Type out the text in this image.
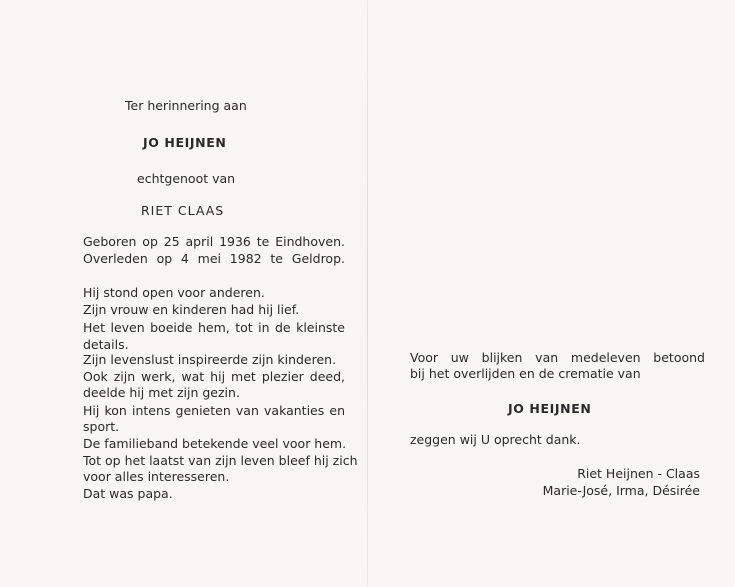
Ter herinnering aan
JO HEIJNEN
echtgenoot van
RIET CLAAS
Geboren op 25 april 1936 te Eindhoven.
Overleden op 4 mei 1982 te Geldrop.
Hij stond open voor anderen.
Zijn vrouw en kinderen had hij lief.
Het leven boeide hem, tot in de kleinste
details.
Zijn levenslust inspireerde zijn kinderen.
Ook zijn werk, wat hij met plezier deed,
deelde hij met zijn gezin.
Hij kon intens genieten van vakanties en
sport.
De familieband betekende veel voor hem.
Tot op het laatst van zijn leven bleef hij zich
voor alles interesseren.
Dat was papa.
Voor uw blijken van medeleven betoond
bij het overlijden en de crematie van
JO HEIJNEN
zeggen wij U oprecht dank.
Riet Heijnen - Claas
Marie-José, Irma, Désirée
